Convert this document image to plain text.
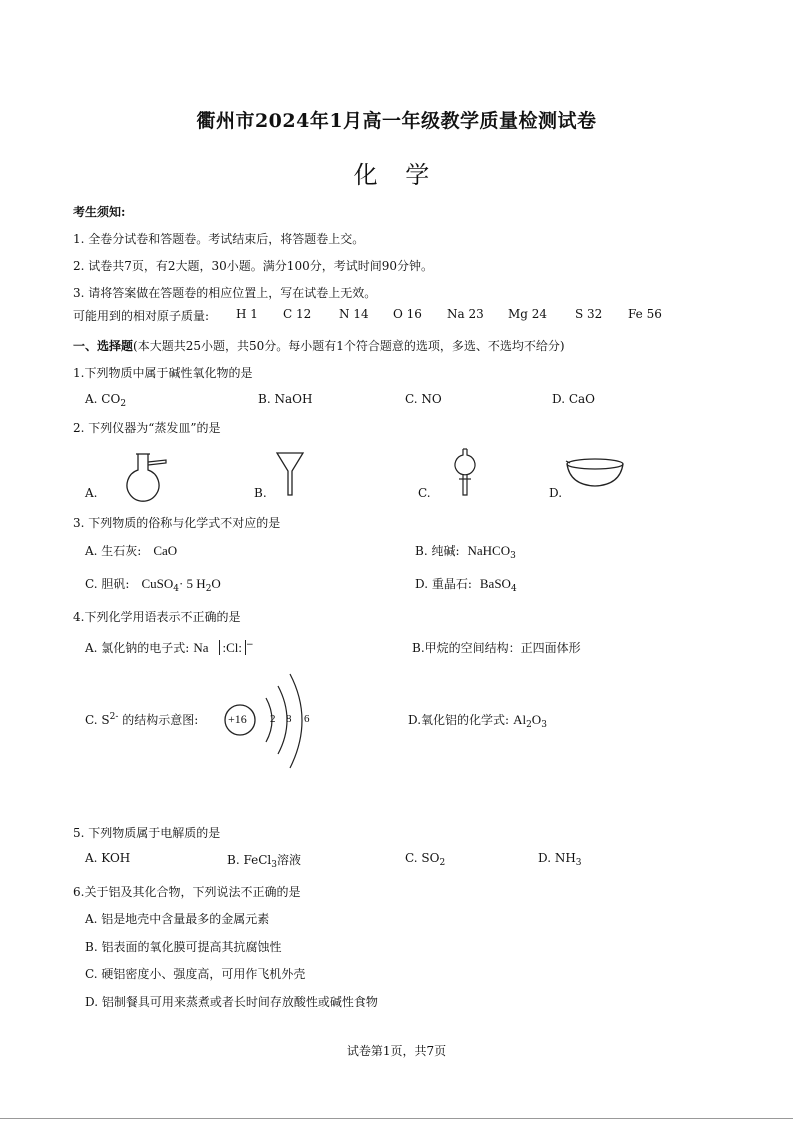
衢州市2024年1月高一年级教学质量检测试卷
化 学
考生须知:
1. 全卷分试卷和答题卷。考试结束后，将答题卷上交。
2. 试卷共7页，有2大题，30小题。满分100分，考试时间90分钟。
3. 请将答案做在答题卷的相应位置上，写在试卷上无效。
可能用到的相对原子质量: H 1 C 12 N 14 O 16 Na 23 Mg 24 S 32 Fe 56
一、选择题(本大题共25小题，共50分。每小题有1个符合题意的选项，多选、不选均不给分)
1.下列物质中属于碱性氧化物的是
A. $CO_2$	B. NaOH	C. NO	D. CaO
2. 下列仪器为“蒸发皿”的是
A.	B.	C.	D.
3. 下列物质的俗称与化学式不对应的是
A. 生石灰: CaO	B. 纯碱: NaHCO$_3$
C. 胆矾: CuSO$_4$· 5 $H_2O$	D. 重晶石: BaSO$_4$
4.下列化学用语表示不正确的是
A. 氯化钠的电子式: Na :Cl: −	B.甲烷的空间结构：正四面体形
C. $S^{2-}$ 的结构示意图: +16 2 8 6	D.氧化铝的化学式: $Al_2O_3$
5. 下列物质属于电解质的是
A. KOH	B. FeCl$_3$溶液	C. $SO_2$	D. $NH_3$
6.关于铝及其化合物，下列说法不正确的是
A. 铝是地壳中含量最多的金属元素
B. 铝表面的氧化膜可提高其抗腐蚀性
C. 硬铝密度小、强度高，可用作飞机外壳
D. 铝制餐具可用来蒸煮或者长时间存放酸性或碱性食物
试卷第1页，共7页
